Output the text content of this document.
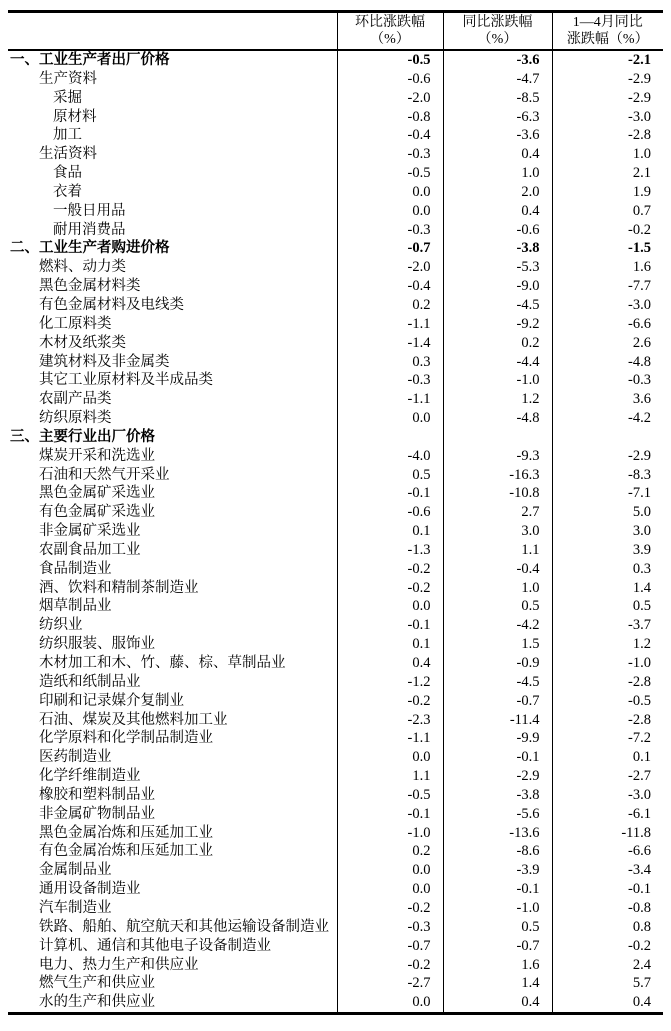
环比涨跌幅
（%）

同比涨跌幅
（%）

1—4月同比
涨跌幅（%）

一、工业生产者出厂价格	-0.5	-3.6	-2.1
生产资料	-0.6	-4.7	-2.9
采掘	-2.0	-8.5	-2.9
原材料	-0.8	-6.3	-3.0
加工	-0.4	-3.6	-2.8
生活资料	-0.3	0.4	1.0
食品	-0.5	1.0	2.1
衣着	0.0	2.0	1.9
一般日用品	0.0	0.4	0.7
耐用消费品	-0.3	-0.6	-0.2
二、工业生产者购进价格	-0.7	-3.8	-1.5
燃料、动力类	-2.0	-5.3	1.6
黑色金属材料类	-0.4	-9.0	-7.7
有色金属材料及电线类	0.2	-4.5	-3.0
化工原料类	-1.1	-9.2	-6.6
木材及纸浆类	-1.4	0.2	2.6
建筑材料及非金属类	0.3	-4.4	-4.8
其它工业原材料及半成品类	-0.3	-1.0	-0.3
农副产品类	-1.1	1.2	3.6
纺织原料类	0.0	-4.8	-4.2
三、主要行业出厂价格			
煤炭开采和洗选业	-4.0	-9.3	-2.9
石油和天然气开采业	0.5	-16.3	-8.3
黑色金属矿采选业	-0.1	-10.8	-7.1
有色金属矿采选业	-0.6	2.7	5.0
非金属矿采选业	0.1	3.0	3.0
农副食品加工业	-1.3	1.1	3.9
食品制造业	-0.2	-0.4	0.3
酒、饮料和精制茶制造业	-0.2	1.0	1.4
烟草制品业	0.0	0.5	0.5
纺织业	-0.1	-4.2	-3.7
纺织服装、服饰业	0.1	1.5	1.2
木材加工和木、竹、藤、棕、草制品业	0.4	-0.9	-1.0
造纸和纸制品业	-1.2	-4.5	-2.8
印刷和记录媒介复制业	-0.2	-0.7	-0.5
石油、煤炭及其他燃料加工业	-2.3	-11.4	-2.8
化学原料和化学制品制造业	-1.1	-9.9	-7.2
医药制造业	0.0	-0.1	0.1
化学纤维制造业	1.1	-2.9	-2.7
橡胶和塑料制品业	-0.5	-3.8	-3.0
非金属矿物制品业	-0.1	-5.6	-6.1
黑色金属冶炼和压延加工业	-1.0	-13.6	-11.8
有色金属冶炼和压延加工业	0.2	-8.6	-6.6
金属制品业	0.0	-3.9	-3.4
通用设备制造业	0.0	-0.1	-0.1
汽车制造业	-0.2	-1.0	-0.8
铁路、船舶、航空航天和其他运输设备制造业	-0.3	0.5	0.8
计算机、通信和其他电子设备制造业	-0.7	-0.7	-0.2
电力、热力生产和供应业	-0.2	1.6	2.4
燃气生产和供应业	-2.7	1.4	5.7
水的生产和供应业	0.0	0.4	0.4
